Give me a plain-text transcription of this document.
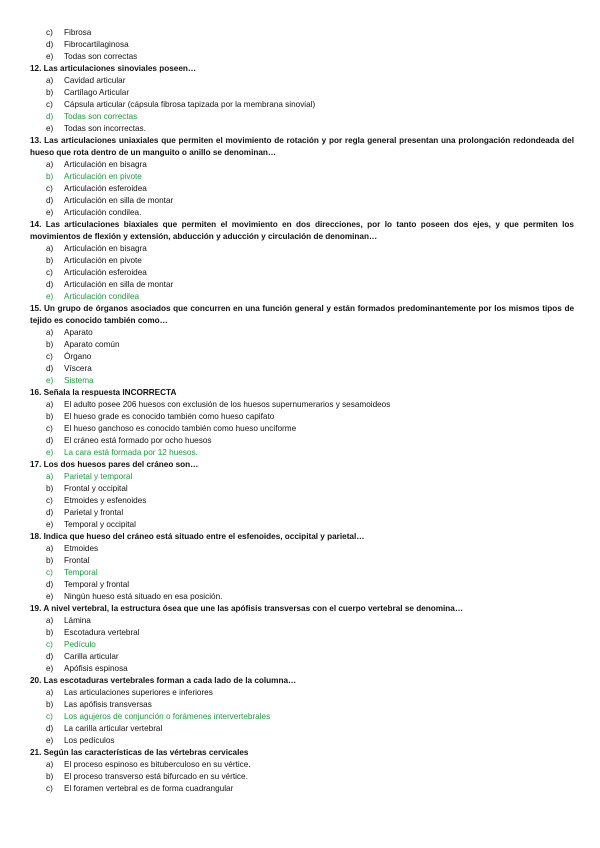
c) Fibrosa
d) Fibrocartilaginosa
e) Todas son correctas
12. Las articulaciones sinoviales poseen…
a) Cavidad articular
b) Cartílago Articular
c) Cápsula articular (cápsula fibrosa tapizada por la membrana sinovial)
d) Todas son correctas
e) Todas son incorrectas.
13. Las articulaciones uniaxiales que permiten el movimiento de rotación y por regla general presentan una prolongación redondeada del hueso que rota dentro de un manguito o anillo se denominan…
a) Articulación en bisagra
b) Articulación en pivote
c) Articulación esferoidea
d) Articulación en silla de montar
e) Articulación condilea.
14. Las articulaciones biaxiales que permiten el movimiento en dos direcciones, por lo tanto poseen dos ejes, y que permiten los movimientos de flexión y extensión, abducción y aducción y circulación de denominan…
a) Articulación en bisagra
b) Articulación en pivote
c) Articulación esferoidea
d) Articulación en silla de montar
e) Articulación condilea
15. Un grupo de órganos asociados que concurren en una función general y están formados predominantemente por los mismos tipos de tejido es conocido también como…
a) Aparato
b) Aparato común
c) Órgano
d) Víscera
e) Sistema
16. Señala la respuesta INCORRECTA
a) El adulto posee 206 huesos con exclusión de los huesos supernumerarios y sesamoideos
b) El hueso grade es conocido también como hueso capifato
c) El hueso ganchoso es conocido también como hueso unciforme
d) El cráneo está formado por ocho huesos
e) La cara está formada por 12 huesos.
17. Los dos huesos pares del cráneo son…
a) Parietal y temporal
b) Frontal y occipital
c) Etmoides y esfenoides
d) Parietal y frontal
e) Temporal y occipital
18. Indica que hueso del cráneo está situado entre el esfenoides, occipital y parietal…
a) Etmoides
b) Frontal
c) Temporal
d) Temporal y frontal
e) Ningún hueso está situado en esa posición.
19. A nivel vertebral, la estructura ósea que une las apófisis transversas con el cuerpo vertebral se denomina…
a) Lámina
b) Escotadura vertebral
c) Pedículo
d) Carilla articular
e) Apófisis espinosa
20. Las escotaduras vertebrales forman a cada lado de la columna…
a) Las articulaciones superiores e inferiores
b) Las apófisis transversas
c) Los agujeros de conjunción o forámenes intervertebrales
d) La carilla articular vertebral
e) Los pedículos
21. Según las características de las vértebras cervicales
a) El proceso espinoso es bituberculoso en su vértice.
b) El proceso transverso está bifurcado en su vértice.
c) El foramen vertebral es de forma cuadrangular
